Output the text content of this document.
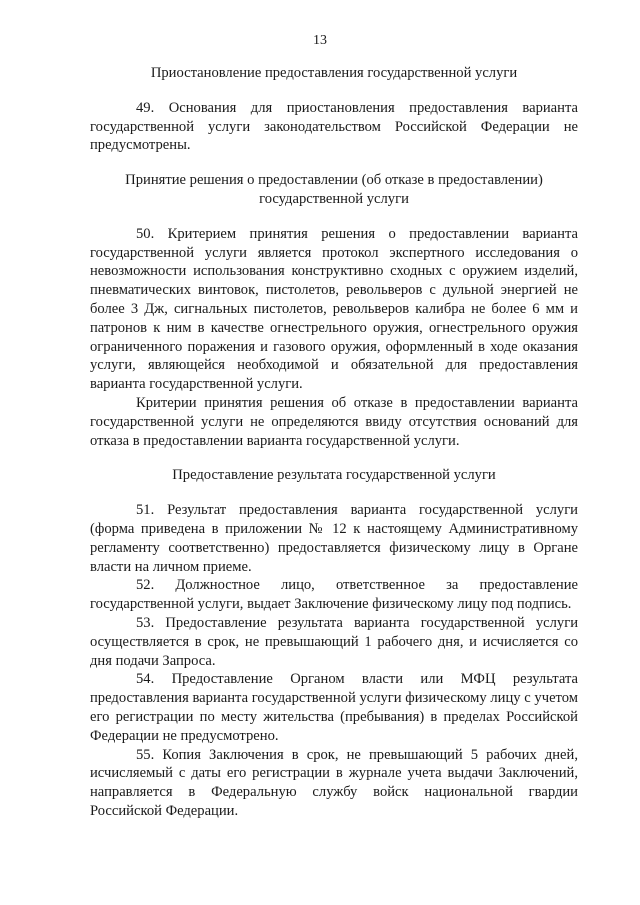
13

Приостановление предоставления государственной услуги

49. Основания для приостановления предоставления варианта государственной услуги законодательством Российской Федерации не предусмотрены.

Принятие решения о предоставлении (об отказе в предоставлении)

государственной услуги

50. Критерием принятия решения о предоставлении варианта государственной услуги является протокол экспертного исследования о невозможности использования конструктивно сходных с оружием изделий, пневматических винтовок, пистолетов, револьверов с дульной энергией не более 3 Дж, сигнальных пистолетов, револьверов калибра не более 6 мм и патронов к ним в качестве огнестрельного оружия, огнестрельного оружия ограниченного поражения и газового оружия, оформленный в ходе оказания услуги, являющейся необходимой и обязательной для предоставления варианта государственной услуги.

Критерии принятия решения об отказе в предоставлении варианта государственной услуги не определяются ввиду отсутствия оснований для отказа в предоставлении варианта государственной услуги.

Предоставление результата государственной услуги

51. Результат предоставления варианта государственной услуги (форма приведена в приложении № 12 к настоящему Административному регламенту соответственно) предоставляется физическому лицу в Органе власти на личном приеме.

52. Должностное лицо, ответственное за предоставление государственной услуги, выдает Заключение физическому лицу под подпись.

53. Предоставление результата варианта государственной услуги осуществляется в срок, не превышающий 1 рабочего дня, и исчисляется со дня подачи Запроса.

54. Предоставление Органом власти или МФЦ результата предоставления варианта государственной услуги физическому лицу с учетом его регистрации по месту жительства (пребывания) в пределах Российской Федерации не предусмотрено.

55. Копия Заключения в срок, не превышающий 5 рабочих дней, исчисляемый с даты его регистрации в журнале учета выдачи Заключений, направляется в Федеральную службу войск национальной гвардии Российской Федерации.
